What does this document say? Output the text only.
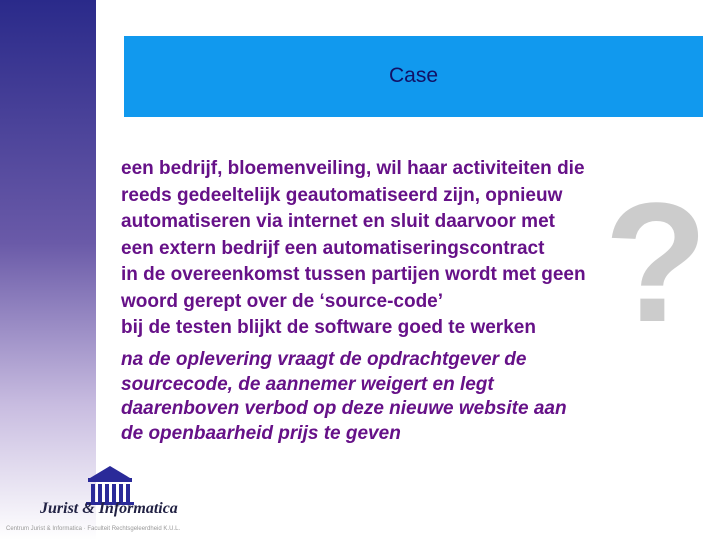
Case
?
een bedrijf, bloemenveiling, wil haar activiteiten die
reeds gedeeltelijk geautomatiseerd zijn, opnieuw
automatiseren via internet en sluit daarvoor met
een extern bedrijf een automatiseringscontract
in de overeenkomst tussen partijen wordt met geen
woord gerept over de ‘source-code’
bij de testen blijkt de software goed te werken
na de oplevering vraagt de opdrachtgever de
sourcecode, de aannemer weigert en legt
daarenboven verbod op deze nieuwe website aan
de openbaarheid prijs te geven
Jurist & Informatica
Centrum Jurist & Informatica · Faculteit Rechtsgeleerdheid K.U.L.
